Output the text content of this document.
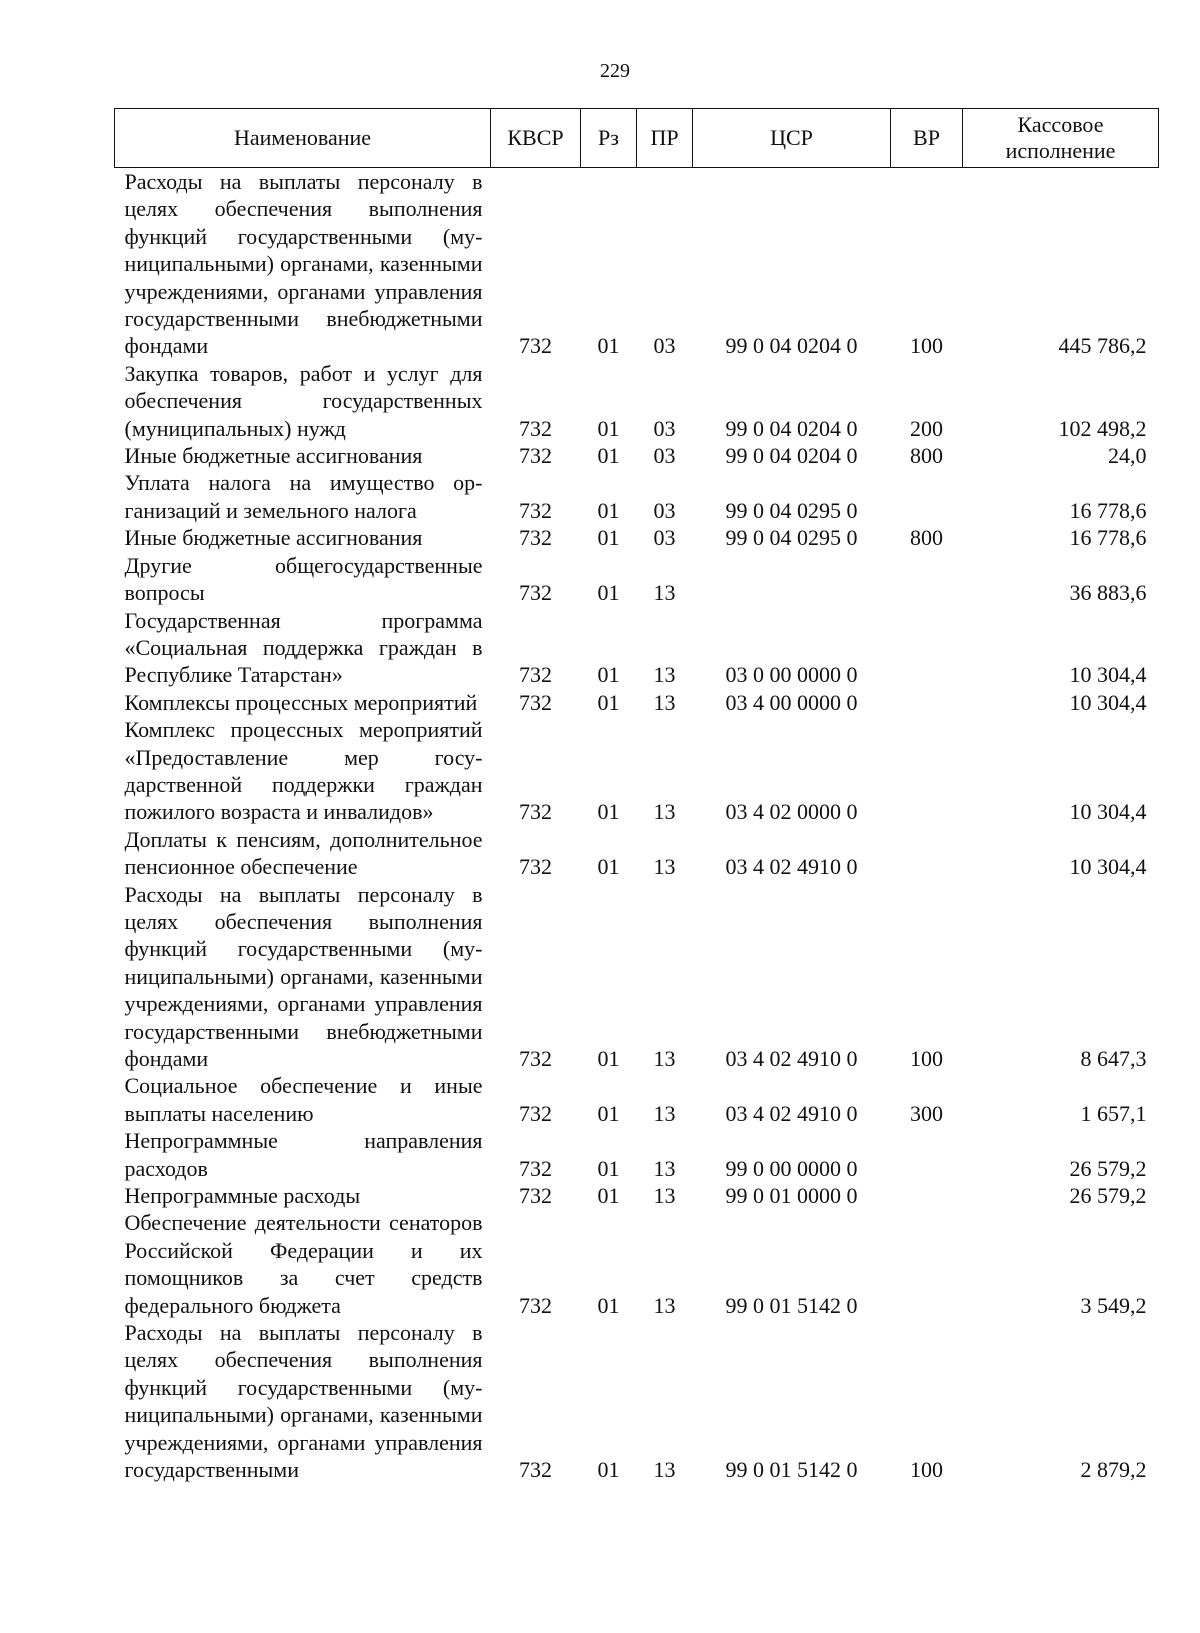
229
Наименование	КВСР	Рз	ПР	ЦСР	ВР	Кассовое исполнение
Расходы на выплаты персоналу в целях обеспечения выполнения функций государственными (муниципальными) органами, казенными учреждениями, органами управления государственными внебюджетными фондами	732	01	03	99 0 04 0204 0	100	445 786,2
Закупка товаров, работ и услуг для обеспечения государственных (муниципальных) нужд	732	01	03	99 0 04 0204 0	200	102 498,2
Иные бюджетные ассигнования	732	01	03	99 0 04 0204 0	800	24,0
Уплата налога на имущество организаций и земельного налога	732	01	03	99 0 04 0295 0		16 778,6
Иные бюджетные ассигнования	732	01	03	99 0 04 0295 0	800	16 778,6
Другие общегосударственные вопросы	732	01	13			36 883,6
Государственная программа «Социальная поддержка граждан в Республике Татарстан»	732	01	13	03 0 00 0000 0		10 304,4
Комплексы процессных мероприятий	732	01	13	03 4 00 0000 0		10 304,4
Комплекс процессных мероприятий «Предоставление мер государственной поддержки граждан пожилого возраста и инвалидов»	732	01	13	03 4 02 0000 0		10 304,4
Доплаты к пенсиям, дополнительное пенсионное обеспечение	732	01	13	03 4 02 4910 0		10 304,4
Расходы на выплаты персоналу в целях обеспечения выполнения функций государственными (муниципальными) органами, казенными учреждениями, органами управления государственными внебюджетными фондами	732	01	13	03 4 02 4910 0	100	8 647,3
Социальное обеспечение и иные выплаты населению	732	01	13	03 4 02 4910 0	300	1 657,1
Непрограммные направления расходов	732	01	13	99 0 00 0000 0		26 579,2
Непрограммные расходы	732	01	13	99 0 01 0000 0		26 579,2
Обеспечение деятельности сенаторов Российской Федерации и их помощников за счет средств федерального бюджета	732	01	13	99 0 01 5142 0		3 549,2
Расходы на выплаты персоналу в целях обеспечения выполнения функций государственными (муниципальными) органами, казенными учреждениями, органами управления государственными	732	01	13	99 0 01 5142 0	100	2 879,2
